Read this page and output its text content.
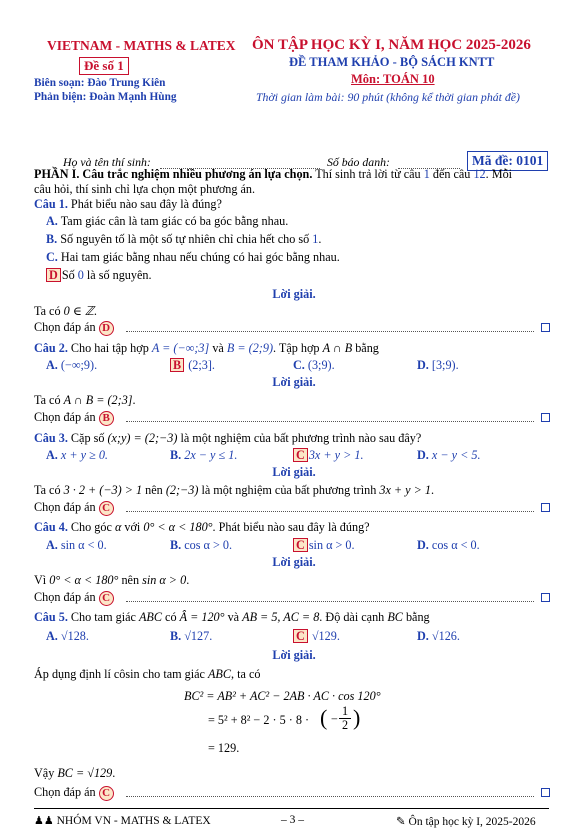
VIETNAM - MATHS & LATEX
Đề số 1
Biên soạn: Đào Trung Kiên
Phản biện: Đoàn Mạnh Hùng
ÔN TẬP HỌC KỲ I, NĂM HỌC 2025-2026
ĐỀ THAM KHẢO - BỘ SÁCH KNTT
Môn: TOÁN 10
Thời gian làm bài: 90 phút (không kể thời gian phát đề)
Họ và tên thí sinh:	Số báo danh:	Mã đề: 0101
PHẦN I. Câu trắc nghiệm nhiều phương án lựa chọn. Thí sinh trả lời từ câu 1 đến câu 12. Mỗi
câu hỏi, thí sinh chỉ lựa chọn một phương án.
Câu 1. Phát biểu nào sau đây là đúng?
A. Tam giác cân là tam giác có ba góc bằng nhau.
B. Số nguyên tố là một số tự nhiên chỉ chia hết cho số 1.
C. Hai tam giác bằng nhau nếu chúng có hai góc bằng nhau.
D Số 0 là số nguyên.
Lời giải.
Ta có 0 ∈ ℤ.
Chọn đáp án D
Câu 2. Cho hai tập hợp A = (−∞;3] và B = (2;9). Tập hợp A ∩ B bằng
A. (−∞;9).	B (2;3].	C. (3;9).	D. [3;9).
Lời giải.
Ta có A ∩ B = (2;3].
Chọn đáp án B
Câu 3. Cặp số (x;y) = (2;−3) là một nghiệm của bất phương trình nào sau đây?
A. x + y ≥ 0.	B. 2x − y ≤ 1.	C 3x + y > 1.	D. x − y < 5.
Lời giải.
Ta có 3 · 2 + (−3) > 1 nên (2;−3) là một nghiệm của bất phương trình 3x + y > 1.
Chọn đáp án C
Câu 4. Cho góc α với 0° < α < 180°. Phát biểu nào sau đây là đúng?
A. sin α < 0.	B. cos α > 0.	C sin α > 0.	D. cos α < 0.
Lời giải.
Vì 0° < α < 180° nên sin α > 0.
Chọn đáp án C
Câu 5. Cho tam giác ABC có Â = 120° và AB = 5, AC = 8. Độ dài cạnh BC bằng
A. √128.	B. √127.	C √129.	D. √126.
Lời giải.
Áp dụng định lí côsin cho tam giác ABC, ta có
BC² = AB² + AC² − 2AB · AC · cos 120°
= 5² + 8² − 2 · 5 · 8 · ( − $\frac{1}{2}$ )
= 129.
Vậy BC = √129.
Chọn đáp án C
♟♟ NHÓM VN - MATHS & LATEX	– 3 –	✎ Ôn tập học kỳ I, 2025-2026
